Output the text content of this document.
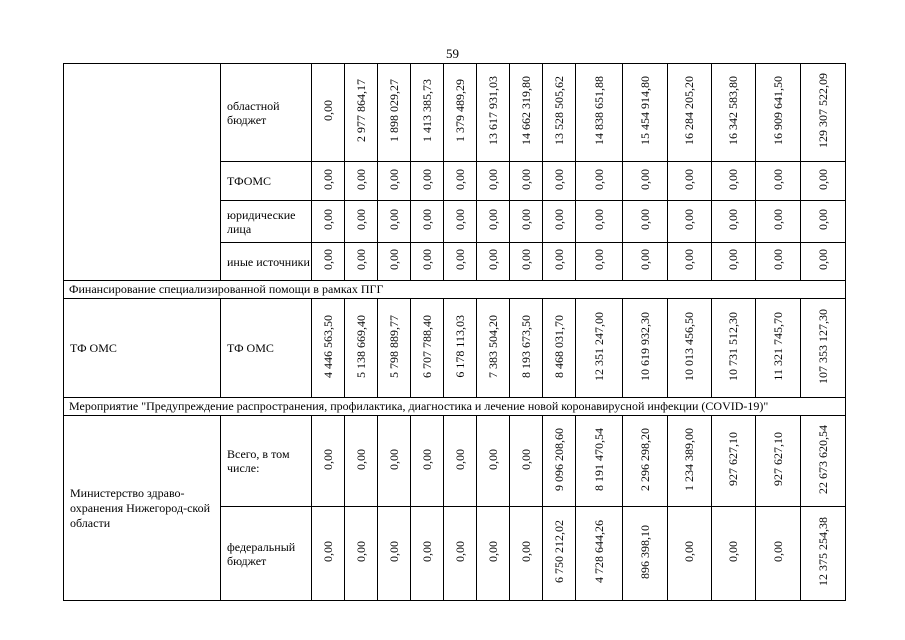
59
	областной бюджет	0,00	2 977 864,17	1 898 029,27	1 413 385,73	1 379 489,29	13 617 931,03	14 662 319,80	13 528 505,62	14 838 651,88	15 454 914,80	16 284 205,20	16 342 583,80	16 909 641,50	129 307 522,09
	ТФОМС	0,00	0,00	0,00	0,00	0,00	0,00	0,00	0,00	0,00	0,00	0,00	0,00	0,00	0,00
	юридические лица	0,00	0,00	0,00	0,00	0,00	0,00	0,00	0,00	0,00	0,00	0,00	0,00	0,00	0,00
	иные источники	0,00	0,00	0,00	0,00	0,00	0,00	0,00	0,00	0,00	0,00	0,00	0,00	0,00	0,00
Финансирование специализированной помощи в рамках ПГГ															
ТФ ОМС	ТФ ОМС	4 446 563,50	5 138 669,40	5 798 889,77	6 707 788,40	6 178 113,03	7 383 504,20	8 193 673,50	8 468 031,70	12 351 247,00	10 619 932,30	10 013 456,50	10 731 512,30	11 321 745,70	107 353 127,30
Мероприятие "Предупреждение распространения, профилактика, диагностика и лечение новой коронавирусной инфекции (COVID-19)"															
Министерство здраво-охранения Нижегород-ской области	Всего, в том числе:	0,00	0,00	0,00	0,00	0,00	0,00	0,00	9 096 208,60	8 191 470,54	2 296 298,20	1 234 389,00	927 627,10	927 627,10	22 673 620,54
	федеральный бюджет	0,00	0,00	0,00	0,00	0,00	0,00	0,00	6 750 212,02	4 728 644,26	896 398,10	0,00	0,00	0,00	12 375 254,38
